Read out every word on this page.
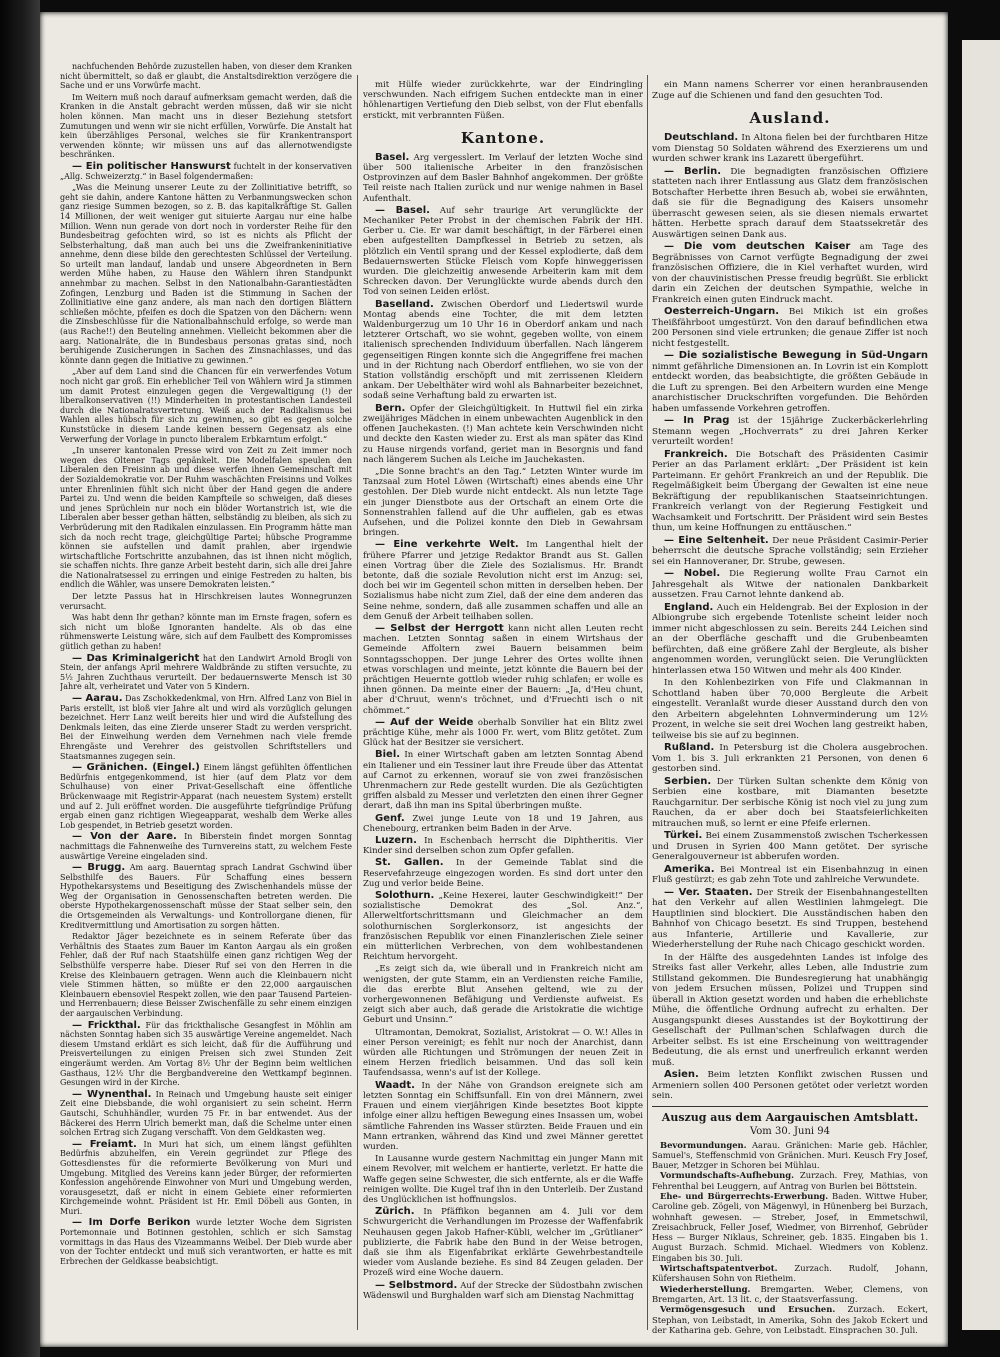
nachfuchenden Behörde zuzustellen haben, von dieser dem Kranken nicht übermittelt, so daß er glaubt, die Anstaltsdirektion verzögere die Sache und er uns Vorwürfe macht.

Im Weitern muß noch darauf aufmerksam gemacht werden, daß die Kranken in die Anstalt gebracht werden müssen, daß wir sie nicht holen können. Man macht uns in dieser Beziehung stetsfort Zumutungen und wenn wir sie nicht erfüllen, Vorwürfe. Die Anstalt hat kein überzähliges Personal, welches sie für Krankentransport verwenden könnte; wir müssen uns auf das allernotwendigste beschränken.

— Ein politischer Hanswurst fuchtelt in der konservativen „Allg. Schweizerztg.“ in Basel folgendermaßen:

„Was die Meinung unserer Leute zu der Zollinitiative betrifft, so geht sie dahin, andere Kantone hätten zu Verbanmungswecken schon ganz riesige Summen bezogen, so z. B. das kapitalkräftige St. Gallen 14 Millionen, der weit weniger gut situierte Aargau nur eine halbe Million. Wenn nun gerade von dort noch in vorderster Reihe für den Bundesbeitrag gefochten wird, so ist es nichts als Pflicht der Selbsterhaltung, daß man auch bei uns die Zweifrankeninitiative annehme, denn diese bilde den gerechtesten Schlüssel der Verteilung. So urteilt man landauf, landab und unsere Abgeordneten in Bern werden Mühe haben, zu Hause den Wählern ihren Standpunkt annehmbar zu machen. Selbst in den Nationalbahn-Garantiestädten Zofingen, Lenzburg und Baden ist die Stimmung in Sachen der Zollinitiative eine ganz andere, als man nach den dortigen Blättern schließen möchte, pfeifen es doch die Spatzen von den Dächern: wenn die Zinsbeschlüsse für die Nationalbahnschuld erfolge, so werde man (aus Rache!!) den Beuteling annehmen. Vielleicht bekommen aber die aarg. Nationalräte, die in Bundesbaus personas gratas sind, noch beruhigende Zusicherungen in Sachen des Zinsnachlasses, und das könnte dann gegen die Initiative zu gewinnen.“

„Aber auf dem Land sind die Chancen für ein verwerfendes Votum noch nicht gar groß. Ein erheblicher Teil von Wählern wird Ja stimmen um damit Protest einzulegen gegen die Vergewaltigung (!) der liberalkonservativen (!!) Minderheiten in protestantischen Landesteil durch die Nationalratsvertretung. Weiß auch der Radikalismus bei Wahlen alles hübsch für sich zu gewinnen, so gibt es gegen solche Kunststücke in diesem Lande keinen bessern Gegensatz als eine Verwerfung der Vorlage in puncto liberalem Erbkarntum erfolgt.“

„In unserer kantonalen Presse wird von Zeit zu Zeit immer noch wegen des Oltener Tags gepänkelt. Die Modelfalen speulen den Liberalen den Freisinn ab und diese werfen ihnen Gemeinschaft mit der Sozialdemokratie vor. Der Ruhm waschächten Freisinns und Volkes unter Ehrenlinien fühlt sich nicht über der Hand gegen die andere Partei zu. Und wenn die beiden Kampfteile so schweigen, daß dieses und jenes Sprüchlein nur noch ein blöder Wortanstrich ist, wie die Liberalen aber besser gethan hätten, selbständig zu bleiben, als sich zu Verbrüderung mit den Radikalen einzulassen. Ein Programm hätte man sich da noch recht trage, gleichgültige Partei; hübsche Programme können sie aufstellen und damit prahlen, aber irgendwie wirtschaftliche Fortschritte anzubahnen, das ist ihnen nicht möglich, sie schaffen nichts. Ihre ganze Arbeit besteht darin, sich alle drei Jahre die Nationalratsessel zu erringen und einige Festreden zu halten, bis endlich die Wähler, was unsere Demokraten leisten.“

Der letzte Passus hat in Hirschkreisen lautes Wonnegrunzen verursacht.

Was habt denn Ihr gethan? könnte man im Ernste fragen, sofern es sich nicht um bloße Ignoranten handelte. Als ob das eine rühmenswerte Leistung wäre, sich auf dem Faulbett des Kompromisses gütlich gethan zu haben!

— Das Kriminalgericht hat den Landwirt Arnold Brogli von Stein, der anfangs April mehrere Waldbrände zu stiften versuchte, zu 5½ Jahren Zuchthaus verurteilt. Der bedauernswerte Mensch ist 30 Jahre alt, verheiratet und Vater von 5 Kindern.

— Aarau. Das Zschokkedenkmal, von Hrn. Alfred Lanz von Biel in Paris erstellt, ist bloß vier Jahre alt und wird als vorzüglich gelungen bezeichnet. Herr Lanz weilt bereits hier und wird die Aufstellung des Denkmals leiten, das eine Zierde unserer Stadt zu werden verspricht. Bei der Einweihung werden dem Vernehmen nach viele fremde Ehrengäste und Verehrer des geistvollen Schriftstellers und Staatsmannes zugegen sein.

— Gränichen. (Eingel.) Einem längst gefühlten öffentlichen Bedürfnis entgegenkommend, ist hier (auf dem Platz vor dem Schulhause) von einer Privat-Gesellschaft eine öffentliche Brückenwaage mit Registrir-Apparat (nach neuestem System) erstellt und auf 2. Juli eröffnet worden. Die ausgeführte tiefgründige Prüfung ergab einen ganz richtigen Wiegeapparat, weshalb dem Werke alles Lob gespendet, in Betrieb gesetzt worden.

— Von der Aare. In Biberstein findet morgen Sonntag nachmittags die Fahnenweihe des Turnvereins statt, zu welchem Feste auswärtige Vereine eingeladen sind.

— Brugg. Am aarg. Bauerntag sprach Landrat Gschwind über Selbsthilfe des Bauers. Für Schaffung eines bessern Hypothekarsystems und Beseitigung des Zwischenhandels müsse der Weg der Organisation in Genossenschaften betreten werden. Die oberste Hypothekargenossenschaft müsse der Staat selber sein, den die Ortsgemeinden als Verwaltungs- und Kontrollorgane dienen, für Kreditvermittlung und Amortisation zu sorgen hätten.

Redaktor Jäger bezeichnete es in seinem Referate über das Verhältnis des Staates zum Bauer im Kanton Aargau als ein großen Fehler, daß der Ruf nach Staatshülfe einen ganz richtigen Weg der Selbsthülfe versperre habe. Dieser Ruf sei von den Herren in die Kreise des Kleinbauern getragen. Wenn auch die Kleinbauern nicht viele Stimmen hätten, so müßte er den 22,000 aargauischen Kleinbauern ebensoviel Respekt zollen, wie den paar Tausend Parteien- und Herrenbauern; diese Beisser Zwischenfälle zu sehr einem einzigen der aargauischen Verbindung.

— Frickthal. Für das frickthalische Gesangfest in Möhlin am nächsten Sonntag haben sich 35 auswärtige Vereine angemeldet. Nach diesem Umstand erklärt es sich leicht, daß für die Aufführung und Preisverteilungen zu einigen Preisen sich zwei Stunden Zeit eingeräumt werden. Am Vortag 8½ Uhr der Beginn beim weltlichen Gasthaus, 12½ Uhr die Bergbandvereine den Wettkampf beginnen. Gesungen wird in der Kirche.

— Wynenthal. In Reinach und Umgebung hauste seit einiger Zeit eine Diebsbande, die wohl organisiert zu sein scheint. Herrn Gautschi, Schuhhändler, wurden 75 Fr. in bar entwendet. Aus der Bäckerei des Herrn Ulrich bemerkt man, daß die Schelme unter einen solchen Ertrag sich Zugang verschafft. Von dem Geldkasten weg.

— Freiamt. In Muri hat sich, um einem längst gefühlten Bedürfnis abzuhelfen, ein Verein gegründet zur Pflege des Gottesdienstes für die reformierte Bevölkerung von Muri und Umgebung. Mitglied des Vereins kann jeder Bürger, der reformierten Konfession angehörende Einwohner von Muri und Umgebung werden, vorausgesetzt, daß er nicht in einem Gebiete einer reformierten Kirchgemeinde wohnt. Präsident ist Hr. Emil Döbeli aus Gonten, in Muri.

— Im Dorfe Berikon wurde letzter Woche dem Sigristen Portemonnaie und Botinnen gestohlen, schlich er sich Samstag vormittags in das Haus des Vizeammanns Weibel. Der Dieb wurde aber von der Tochter entdeckt und muß sich verantworten, er hatte es mit Erbrechen der Geldkasse beabsichtigt.

mit Hülfe wieder zurückkehrte, war der Eindringling verschwunden. Nach eifrigem Suchen entdeckte man in einer höhlenartigen Vertiefung den Dieb selbst, von der Flut ebenfalls erstickt, mit verbrannten Füßen.

Kantone.

Basel. Arg vergesslert. Im Verlauf der letzten Woche sind über 500 italienische Arbeiter in den französischen Ostprovinzen auf dem Basler Bahnhof angekommen. Der größte Teil reiste nach Italien zurück und nur wenige nahmen in Basel Aufenthalt.

— Basel. Auf sehr traurige Art verunglückte der Mechaniker Peter Probst in der chemischen Fabrik der HH. Gerber u. Cie. Er war damit beschäftigt, in der Färberei einen eben aufgestellten Dampfkessel in Betrieb zu setzen, als plötzlich ein Ventil sprang und der Kessel explodierte, daß dem Bedauernswerten Stücke Fleisch vom Kopfe hinweggerissen wurden. Die gleichzeitig anwesende Arbeiterin kam mit dem Schrecken davon. Der Verunglückte wurde abends durch den Tod von seinen Leiden erlöst.

Baselland. Zwischen Oberdorf und Liedertswil wurde Montag abends eine Tochter, die mit dem letzten Waldenburgerzug um 10 Uhr 16 in Oberdorf ankam und nach letzterer Ortschaft, wo sie wohnt, gegeben wollte, von einem italienisch sprechenden Individuum überfallen. Nach längerem gegenseitigen Ringen konnte sich die Angegriffene frei machen und in der Richtung nach Oberdorf entfliehen, wo sie von der Station vollständig erschöpft und mit zerrissenen Kleidern ankam. Der Uebelthäter wird wohl als Bahnarbeiter bezeichnet, sodaß seine Verhaftung bald zu erwarten ist.

Bern. Opfer der Gleichgültigkeit. In Huttwil fiel ein zirka zweijähriges Mädchen in einem unbewachten Augenblick in den offenen Jauchekasten. (!) Man achtete kein Verschwinden nicht und deckte den Kasten wieder zu. Erst als man später das Kind zu Hause nirgends vorfand, geriet man in Besorgnis und fand nach längerem Suchen als Leiche im Jauchekasten.

„Die Sonne bracht's an den Tag.“ Letzten Winter wurde im Tanzsaal zum Hotel Löwen (Wirtschaft) eines abends eine Uhr gestohlen. Der Dieb wurde nicht entdeckt. Als nun letzte Tage ein junger Dienstbote aus der Ortschaft an einem Orte die Sonnenstrahlen fallend auf die Uhr auffielen, gab es etwas Aufsehen, und die Polizei konnte den Dieb in Gewahrsam bringen.

— Eine verkehrte Welt. Im Langenthal hielt der frühere Pfarrer und jetzige Redaktor Brandt aus St. Gallen einen Vortrag über die Ziele des Sozialismus. Hr. Brandt betonte, daß die soziale Revolution nicht erst im Anzug: sei, doch bei wir im Gegenteil schon mitten in derselben heben. Der Sozialismus habe nicht zum Ziel, daß der eine dem anderen das Seine nehme, sondern, daß alle zusammen schaffen und alle an dem Genuß der Arbeit teilhaben sollen.

— Selbst der Herrgott kann nicht allen Leuten recht machen. Letzten Sonntag saßen in einem Wirtshaus der Gemeinde Affoltern zwei Bauern beisammen beim Sonntagsschoppen. Der junge Lehrer des Ortes wollte ihnen etwas vorschlagen und meinte, jetzt könnte die Bauern bei der prächtigen Heuernte gottlob wieder ruhig schlafen; er wolle es ihnen gönnen. Da meinte einer der Bauern: „Ja, d'Heu chunt, aber d'Chruut, wenn's tröchnet, und d'Fruechti isch o nit chömmet.“

— Auf der Weide oberhalb Sonvilier hat ein Blitz zwei prächtige Kühe, mehr als 1000 Fr. wert, vom Blitz getötet. Zum Glück hat der Besitzer sie versichert.

Biel. In einer Wirtschaft gaben am letzten Sonntag Abend ein Italiener und ein Tessiner laut ihre Freude über das Attentat auf Carnot zu erkennen, worauf sie von zwei französischen Uhrenmachern zur Rede gestellt wurden. Die als Gezüchtigten griffen alsbald zu Messer und verletzten den einen ihrer Gegner derart, daß ihn man ins Spital überbringen mußte.

Genf. Zwei junge Leute von 18 und 19 Jahren, aus Chenebourg, ertranken beim Baden in der Arve.

Luzern. In Eschenbach herrscht die Diphtheritis. Vier Kinder sind derselben schon zum Opfer gefallen.

St. Gallen. In der Gemeinde Tablat sind die Reservefahrzeuge eingezogen worden. Es sind dort unter den Zug und verlor beide Beine.

Solothurn. „Keine Hexerei, lauter Geschwindigkeit!“ Der sozialistische Demokrat des „Sol. Anz.“, Allerweltfortschrittsmann und Gleichmacher an dem solothurnischen Sorglerkonsorz, ist angesichts der französischen Republik vor einen Finanzlerischen Ziele seiner ein mütterlichen Verbrechen, von dem wohlbestandenen Reichtum hervorgeht.

„Es zeigt sich da, wie überall und in Frankreich nicht am wenigsten, der gute Stamm, ein an Verdiensten reiche Familie, die das ererbte Blut Ansehen geltend, wie zu der vorhergewonnenen Befähigung und Verdienste aufweist. Es zeigt sich aber auch, daß gerade die Aristokratie die wichtige Geburt und Unsinn.“

Ultramontan, Demokrat, Sozialist, Aristokrat — O. W.! Alles in einer Person vereinigt; es fehlt nur noch der Anarchist, dann würden alle Richtungen und Strömungen der neuen Zeit in einem Herzen friedlich beisammen. Und das soll kein Taufendsassa, wenn's auf ist der Kollege.

Waadt. In der Nähe von Grandson ereignete sich am letzten Sonntag ein Schiffsunfall. Ein von drei Männern, zwei Frauen und einem vierjährigen Kinde besetztes Boot kippte infolge einer allzu heftigen Bewegung eines Insassen um, wobei sämtliche Fahrenden ins Wasser stürzten. Beide Frauen und ein Mann ertranken, während das Kind und zwei Männer gerettet wurden.

In Lausanne wurde gestern Nachmittag ein junger Mann mit einem Revolver, mit welchem er hantierte, verletzt. Er hatte die Waffe gegen seine Schwester, die sich entfernte, als er die Waffe reinigen wollte. Die Kugel traf ihn in den Unterleib. Der Zustand des Unglücklichen ist hoffnungslos.

Zürich. In Pfäffikon begannen am 4. Juli vor dem Schwurgericht die Verhandlungen im Prozesse der Waffenfabrik Neuhausen gegen Jakob Hafner-Kübli, welcher im „Grütlianer“ publizierte, die Fabrik habe den Bund in der Weise betrogen, daß sie ihm als Eigenfabrikat erklärte Gewehrbestandteile wieder vom Auslande beziehe. Es sind 84 Zeugen geladen. Der Prozeß wird eine Woche dauern.

— Selbstmord. Auf der Strecke der Südostbahn zwischen Wädenswil und Burghalden warf sich am Dienstag Nachmittag

ein Mann namens Scherrer vor einen heranbrausenden Zuge auf die Schienen und fand den gesuchten Tod.

Ausland.

Deutschland. In Altona fielen bei der furchtbaren Hitze vom Dienstag 50 Soldaten während des Exerzierens um und wurden schwer krank ins Lazarett übergeführt.

— Berlin. Die begnadigten französischen Offiziere statteten nach ihrer Entlassung aus Glatz dem französischen Botschafter Herbette ihren Besuch ab, wobei sie erwähnten, daß sie für die Begnadigung des Kaisers unsomehr überrascht gewesen seien, als sie diesen niemals erwartet hätten. Herbette sprach darauf dem Staatssekretär des Auswärtigen seinen Dank aus.

— Die vom deutschen Kaiser am Tage des Begräbnisses von Carnot verfügte Begnadigung der zwei französischen Offiziere, die in Kiel verhaftet wurden, wird von der chauvinistischen Presse freudig begrüßt. Sie erblickt darin ein Zeichen der deutschen Sympathie, welche in Frankreich einen guten Eindruck macht.

Oesterreich-Ungarn. Bei Mikich ist ein großes Theißfährboot umgestürzt. Von den darauf befindlichen etwa 200 Personen sind viele ertrunken; die genaue Ziffer ist noch nicht festgestellt.

— Die sozialistische Bewegung in Süd-Ungarn nimmt gefährliche Dimensionen an. In Lovrin ist ein Komplott entdeckt worden, das beabsichtigte, die größten Gebäude in die Luft zu sprengen. Bei den Arbeitern wurden eine Menge anarchistischer Druckschriften vorgefunden. Die Behörden haben umfassende Vorkehren getroffen.

— In Prag ist der 15jährige Zuckerbäckerlehrling Stemann wegen „Hochverrats“ zu drei Jahren Kerker verurteilt worden!

Frankreich. Die Botschaft des Präsidenten Casimir Perier an das Parlament erklärt: „Der Präsident ist kein Parteimann. Er gehört Frankreich an und der Republik. Die Regelmäßigkeit beim Übergang der Gewalten ist eine neue Bekräftigung der republikanischen Staatseinrichtungen. Frankreich verlangt von der Regierung Festigkeit und Wachsamkeit und Fortschritt. Der Präsident wird sein Bestes thun, um keine Hoffnungen zu enttäuschen.“

— Eine Seltenheit. Der neue Präsident Casimir-Perier beherrscht die deutsche Sprache vollständig; sein Erzieher sei ein Hannoveraner, Dr. Strube, gewesen.

— Nobel. Die Regierung wollte Frau Carnot ein Jahresgehalt als Witwe der nationalen Dankbarkeit aussetzen. Frau Carnot lehnte dankend ab.

England. Auch ein Heldengrab. Bei der Explosion in der Albiongrube sich ergebende Totenliste scheint leider noch immer nicht abgeschlossen zu sein. Bereits 244 Leichen sind an der Oberfläche geschafft und die Grubenbeamten befürchten, daß eine größere Zahl der Bergleute, als bisher angenommen worden, verunglückt seien. Die Verunglückten hinterlassen etwa 150 Witwen und mehr als 400 Kinder.

In den Kohlenbezirken von Fife und Clakmannan in Schottland haben über 70,000 Bergleute die Arbeit eingestellt. Veranlaßt wurde dieser Ausstand durch den von den Arbeitern abgelehnten Lohnverminderung um 12½ Prozent, in welche sie seit drei Wochen lang gestreikt haben, teilweise bis sie auf zu beginnen.

Rußland. In Petersburg ist die Cholera ausgebrochen. Vom 1. bis 3. Juli erkrankten 21 Personen, von denen 6 gestorben sind.

Serbien. Der Türken Sultan schenkte dem König von Serbien eine kostbare, mit Diamanten besetzte Rauchgarnitur. Der serbische König ist noch viel zu jung zum Rauchen, da er aber doch bei Staatsfeierlichkeiten mitrauchen muß, so lernt er eine Pfeife erlernen.

Türkei. Bei einem Zusammenstoß zwischen Tscherkessen und Drusen in Syrien 400 Mann getötet. Der syrische Generalgouverneur ist abberufen worden.

Amerika. Bei Montreal ist ein Eisenbahnzug in einen Fluß gestürzt; es gab zehn Tote und zahlreiche Verwundete.

— Ver. Staaten. Der Streik der Eisenbahnangestellten hat den Verkehr auf allen Westlinien lahmgelegt. Die Hauptlinien sind blockiert. Die Ausständischen haben den Bahnhof von Chicago besetzt. Es sind Truppen, bestehend aus Infanterie, Artillerie und Kavallerie, zur Wiederherstellung der Ruhe nach Chicago geschickt worden.

In der Hälfte des ausgedehnten Landes ist infolge des Streiks fast aller Verkehr, alles Leben, alle Industrie zum Stillstand gekommen. Die Bundesregierung hat unabhängig von jedem Ersuchen müssen, Polizei und Truppen sind überall in Aktion gesetzt worden und haben die erheblichste Mühe, die öffentliche Ordnung aufrecht zu erhalten. Der Ausgangspunkt dieses Ausstandes ist der Boykottirung der Gesellschaft der Pullman'schen Schlafwagen durch die Arbeiter selbst. Es ist eine Erscheinung von weittragender Bedeutung, die als ernst und unerfreulich erkannt werden muß.

Asien. Beim letzten Konflikt zwischen Russen und Armeniern sollen 400 Personen getötet oder verletzt worden sein.

Auszug aus dem Aargauischen Amtsblatt.
Vom 30. Juni 94

Bevormundungen. Aarau. Gränichen: Marie geb. Hächler, Samuel's, Steffenschmid von Gränichen. Muri. Keusch Fry Josef, Bauer, Metzger in Schoren bei Mühlau.

Vormundschafts-Aufhebung. Zurzach. Frey, Mathias, von Fehrenthal bei Leuggern, auf Antrag von Burlen bei Böttstein.

Ehe- und Bürgerrechts-Erwerbung. Baden. Wittwe Huber, Caroline geb. Zögeli, von Mägenwyl, in Hünenberg bei Burzach, wohnhaft gewesen. — Streber, Josef, in Emmetschwil, Zreisachbruck, Feller Josef, Wiedmer, von Birrenhof, Gebrüder Hess — Burger Niklaus, Schreiner, geb. 1835. Eingaben bis 1. August Burzach. Schmid. Michael. Wiedmers von Koblenz. Eingaben bis 30. Juli.

Wirtschaftspatentverbot. Zurzach. Rudolf, Johann, Küfershausen Sohn von Rietheim.

Wiederherstellung. Bremgarten. Weber, Clemens, von Bremgarten, Art. 13 lit. c, der Staatsverfassung.

Vermögensgesuch und Ersuchen. Zurzach. Eckert, Stephan, von Leibstadt, in Amerika, Sohn des Jakob Eckert und der Katharina geb. Gehre, von Leibstadt. Einsprachen 30. Juli.
